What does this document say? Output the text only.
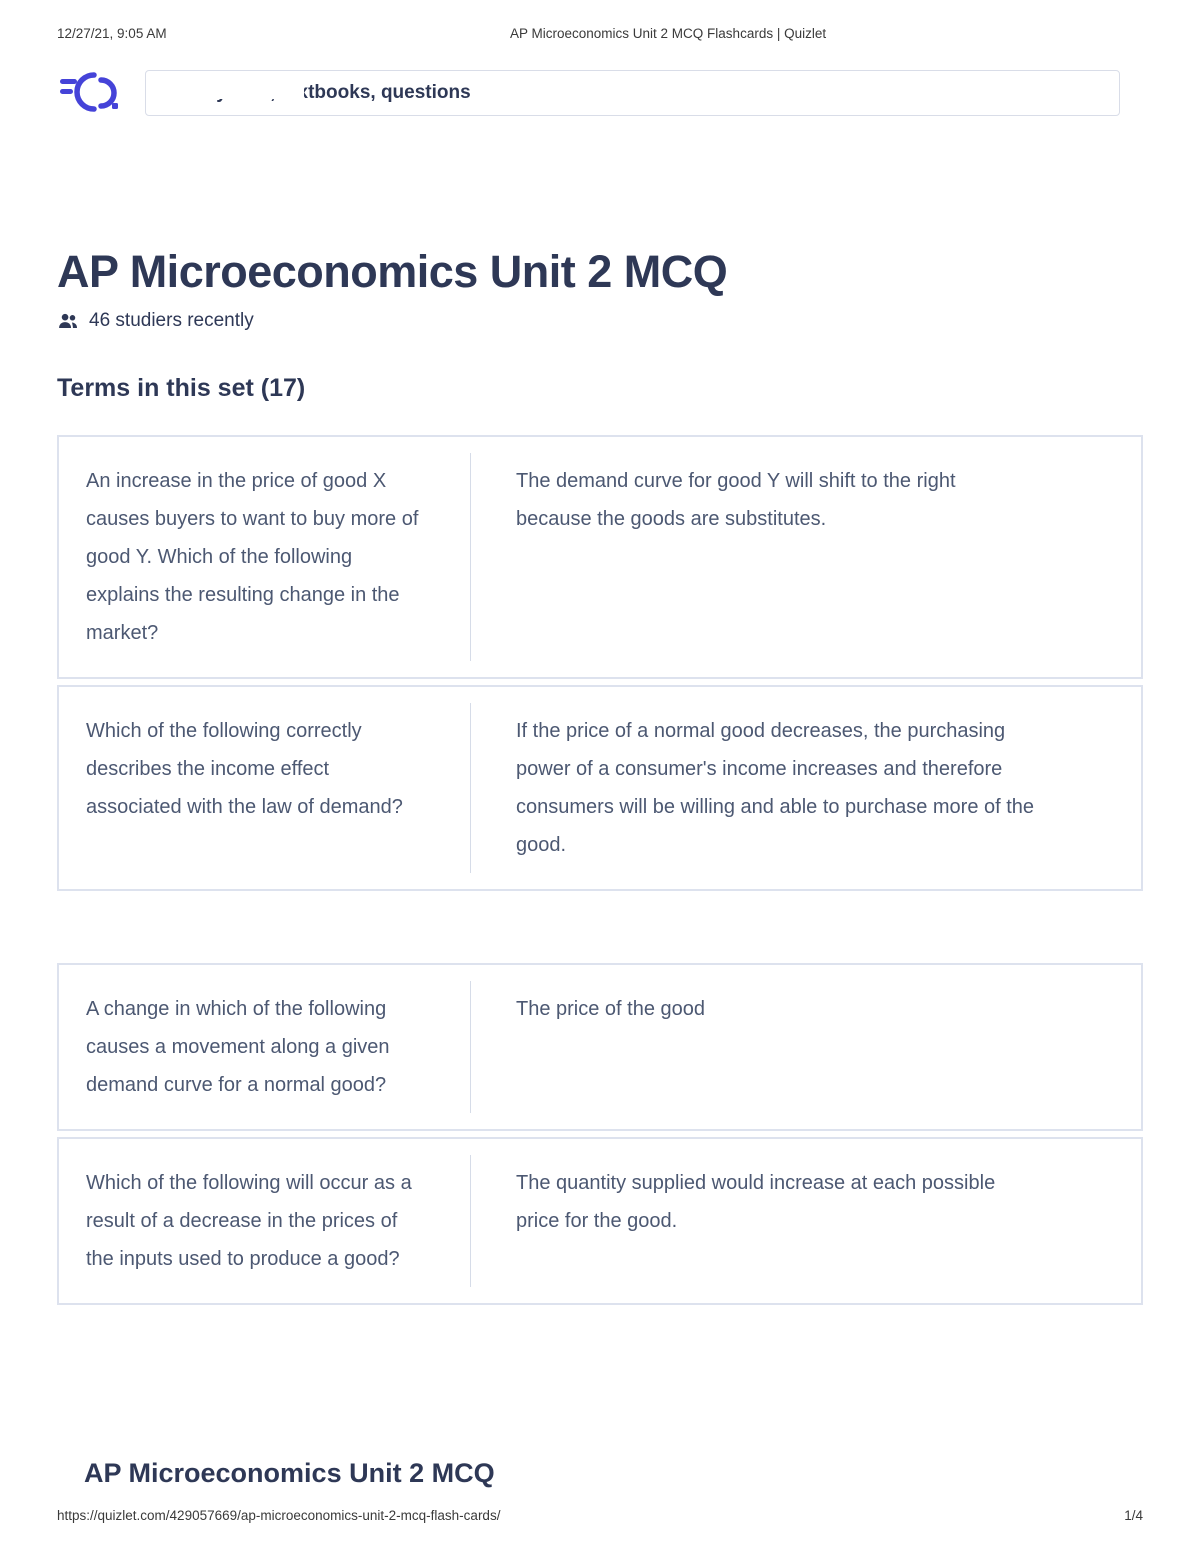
12/27/21, 9:05 AM	AP Microeconomics Unit 2 MCQ Flashcards | Quizlet
Study sets, textbooks, questions
AP Microeconomics Unit 2 MCQ
46 studiers recently
Terms in this set (17)
An increase in the price of good X causes buyers to want to buy more of good Y. Which of the following explains the resulting change in the market?
The demand curve for good Y will shift to the right because the goods are substitutes.
Which of the following correctly describes the income effect associated with the law of demand?
If the price of a normal good decreases, the purchasing power of a consumer's income increases and therefore consumers will be willing and able to purchase more of the good.
A change in which of the following causes a movement along a given demand curve for a normal good?
The price of the good
Which of the following will occur as a result of a decrease in the prices of the inputs used to produce a good?
The quantity supplied would increase at each possible price for the good.
AP Microeconomics Unit 2 MCQ
https://quizlet.com/429057669/ap-microeconomics-unit-2-mcq-flash-cards/	1/4
